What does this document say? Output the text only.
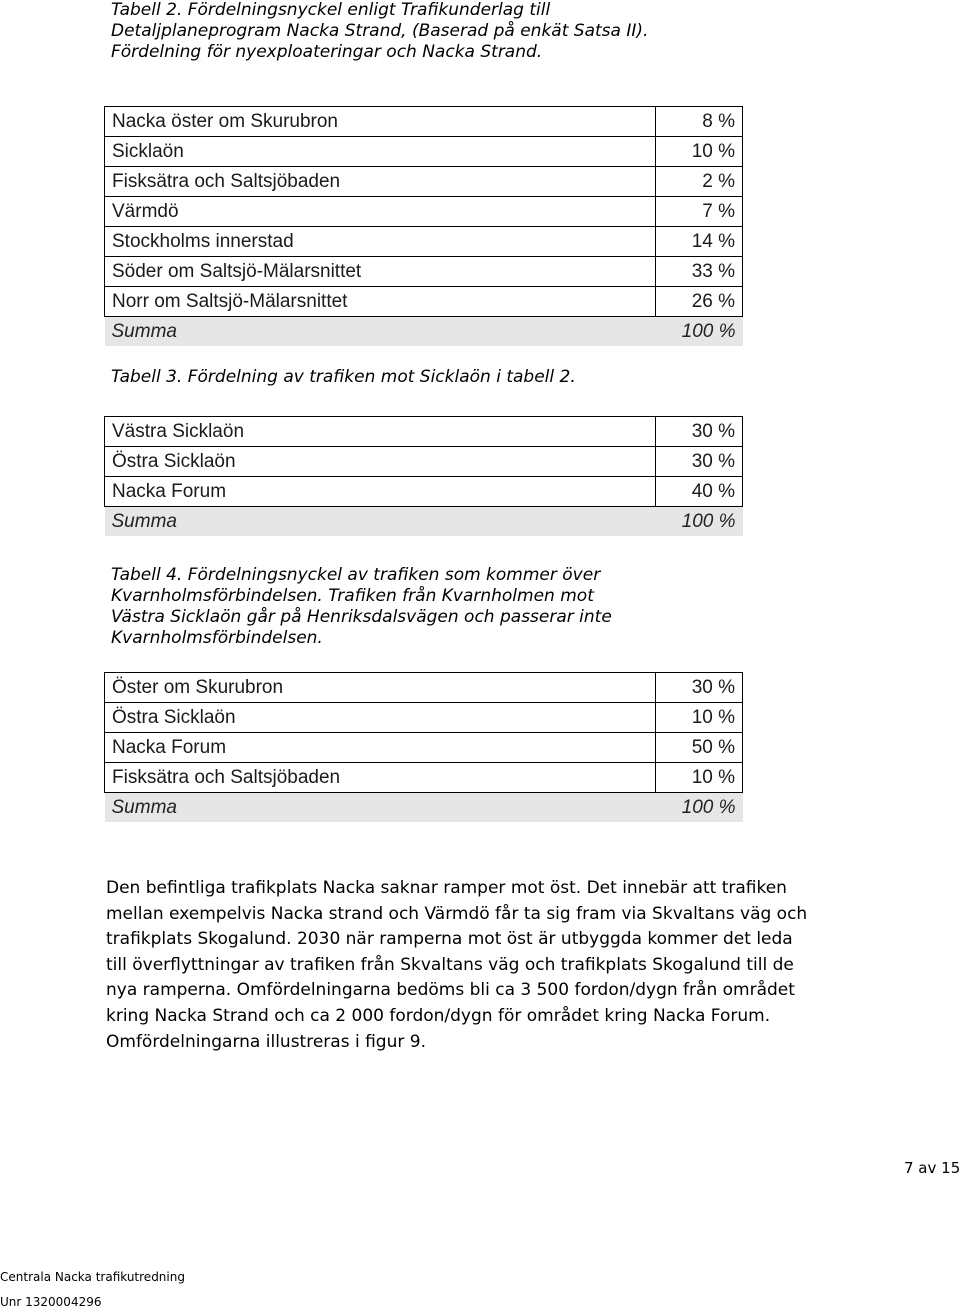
Tabell 2. Fördelningsnyckel enligt Trafikunderlag till
Detaljplaneprogram Nacka Strand, (Baserad på enkät Satsa II).
Fördelning för nyexploateringar och Nacka Strand.
Nacka öster om Skurubron	8 %
Sicklaön	10 %
Fisksätra och Saltsjöbaden	2 %
Värmdö	7 %
Stockholms innerstad	14 %
Söder om Saltsjö-Mälarsnittet	33 %
Norr om Saltsjö-Mälarsnittet	26 %
Summa	100 %
Tabell 3. Fördelning av trafiken mot Sicklaön i tabell 2.
Västra Sicklaön	30 %
Östra Sicklaön	30 %
Nacka Forum	40 %
Summa	100 %
Tabell 4. Fördelningsnyckel av trafiken som kommer över
Kvarnholmsförbindelsen. Trafiken från Kvarnholmen mot
Västra Sicklaön går på Henriksdalsvägen och passerar inte
Kvarnholmsförbindelsen.
Öster om Skurubron	30 %
Östra Sicklaön	10 %
Nacka Forum	50 %
Fisksätra och Saltsjöbaden	10 %
Summa	100 %
Den befintliga trafikplats Nacka saknar ramper mot öst. Det innebär att trafiken
mellan exempelvis Nacka strand och Värmdö får ta sig fram via Skvaltans väg och
trafikplats Skogalund. 2030 när ramperna mot öst är utbyggda kommer det leda
till överflyttningar av trafiken från Skvaltans väg och trafikplats Skogalund till de
nya ramperna. Omfördelningarna bedöms bli ca 3 500 fordon/dygn från området
kring Nacka Strand och ca 2 000 fordon/dygn för området kring Nacka Forum.
Omfördelningarna illustreras i figur 9.
7 av 15
Centrala Nacka trafikutredning
Unr 1320004296
